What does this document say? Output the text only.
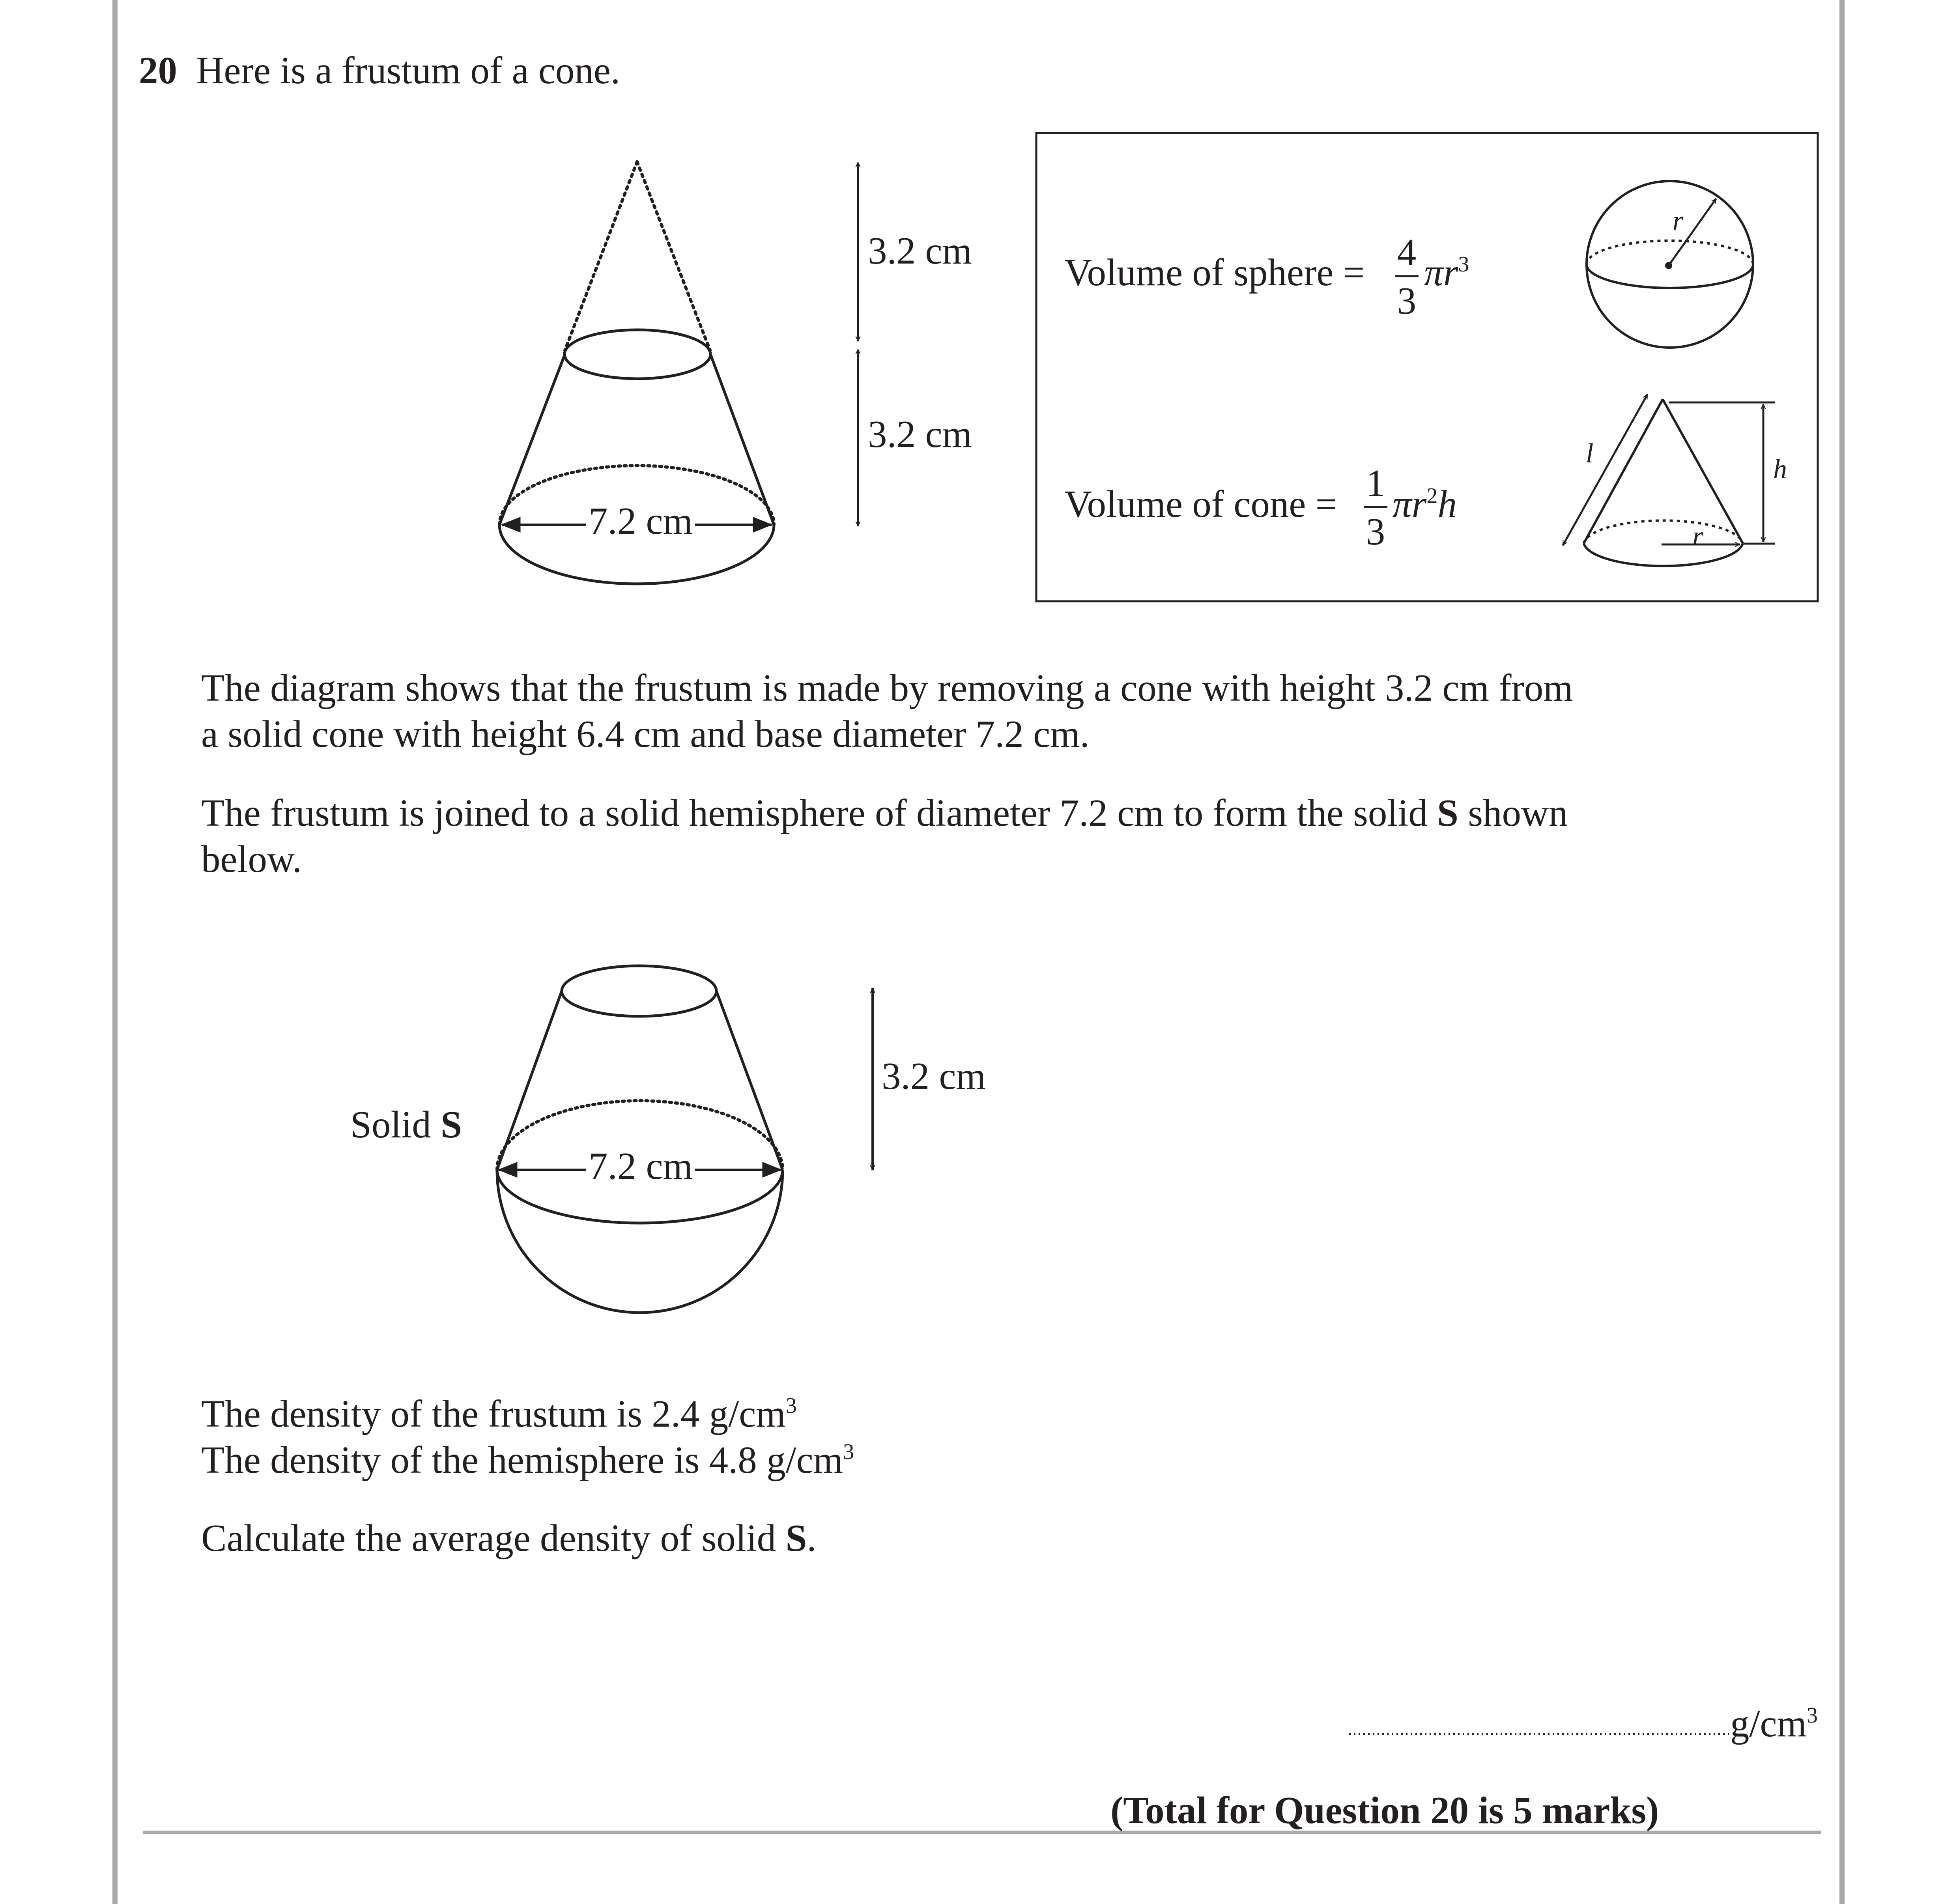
20 Here is a frustum of a cone.
3.2 cm
3.2 cm
7.2 cm
Volume of sphere = 4
3
$\pi r^3$
Volume of cone = 1
3
$\pi r^2h$
r
l
h
r
The diagram shows that the frustum is made by removing a cone with height 3.2 cm from
a solid cone with height 6.4 cm and base diameter 7.2 cm.
The frustum is joined to a solid hemisphere of diameter 7.2 cm to form the solid S shown
below.
Solid S
3.2 cm
7.2 cm
The density of the frustum is 2.4 $g/cm^3$
The density of the hemisphere is 4.8 $g/cm^3$
Calculate the average density of solid S.
$g/cm^3$
(Total for Question 20 is 5 marks)
